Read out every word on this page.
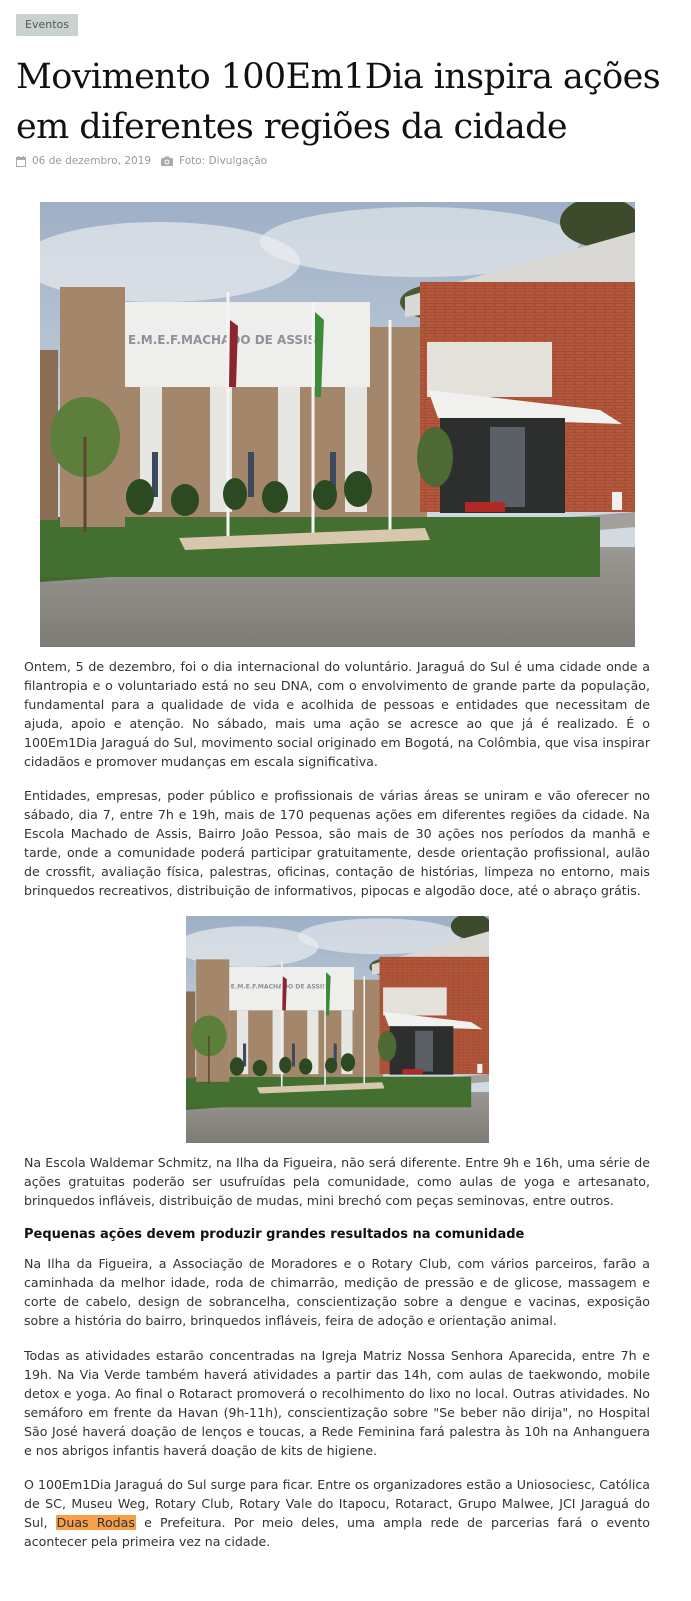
Eventos
Movimento 100Em1Dia inspira ações em diferentes regiões da cidade
06 de dezembro, 2019	Foto: Divulgação

Ontem, 5 de dezembro, foi o dia internacional do voluntário. Jaraguá do Sul é uma cidade onde a filantropia e o voluntariado está no seu DNA, com o envolvimento de grande parte da população, fundamental para a qualidade de vida e acolhida de pessoas e entidades que necessitam de ajuda, apoio e atenção. No sábado, mais uma ação se acresce ao que já é realizado. É o 100Em1Dia Jaraguá do Sul, movimento social originado em Bogotá, na Colômbia, que visa inspirar cidadãos e promover mudanças em escala significativa.

Entidades, empresas, poder público e profissionais de várias áreas se uniram e vão oferecer no sábado, dia 7, entre 7h e 19h, mais de 170 pequenas ações em diferentes regiões da cidade. Na Escola Machado de Assis, Bairro João Pessoa, são mais de 30 ações nos períodos da manhã e tarde, onde a comunidade poderá participar gratuitamente, desde orientação profissional, aulão de crossfit, avaliação física, palestras, oficinas, contação de histórias, limpeza no entorno, mais brinquedos recreativos, distribuição de informativos, pipocas e algodão doce, até o abraço grátis.

Na Escola Waldemar Schmitz, na Ilha da Figueira, não será diferente. Entre 9h e 16h, uma série de ações gratuitas poderão ser usufruídas pela comunidade, como aulas de yoga e artesanato, brinquedos infláveis, distribuição de mudas, mini brechó com peças seminovas, entre outros.

Pequenas ações devem produzir grandes resultados na comunidade

Na Ilha da Figueira, a Associação de Moradores e o Rotary Club, com vários parceiros, farão a caminhada da melhor idade, roda de chimarrão, medição de pressão e de glicose, massagem e corte de cabelo, design de sobrancelha, conscientização sobre a dengue e vacinas, exposição sobre a história do bairro, brinquedos infláveis, feira de adoção e orientação animal.

Todas as atividades estarão concentradas na Igreja Matriz Nossa Senhora Aparecida, entre 7h e 19h. Na Via Verde também haverá atividades a partir das 14h, com aulas de taekwondo, mobile detox e yoga. Ao final o Rotaract promoverá o recolhimento do lixo no local. Outras atividades. No semáforo em frente da Havan (9h-11h), conscientização sobre "Se beber não dirija", no Hospital São José haverá doação de lenços e toucas, a Rede Feminina fará palestra às 10h na Anhanguera e nos abrigos infantis haverá doação de kits de higiene.

O 100Em1Dia Jaraguá do Sul surge para ficar. Entre os organizadores estão a Uniosociesc, Católica de SC, Museu Weg, Rotary Club, Rotary Vale do Itapocu, Rotaract, Grupo Malwee, JCI Jaraguá do Sul, Duas Rodas e Prefeitura. Por meio deles, uma ampla rede de parcerias fará o evento acontecer pela primeira vez na cidade.
